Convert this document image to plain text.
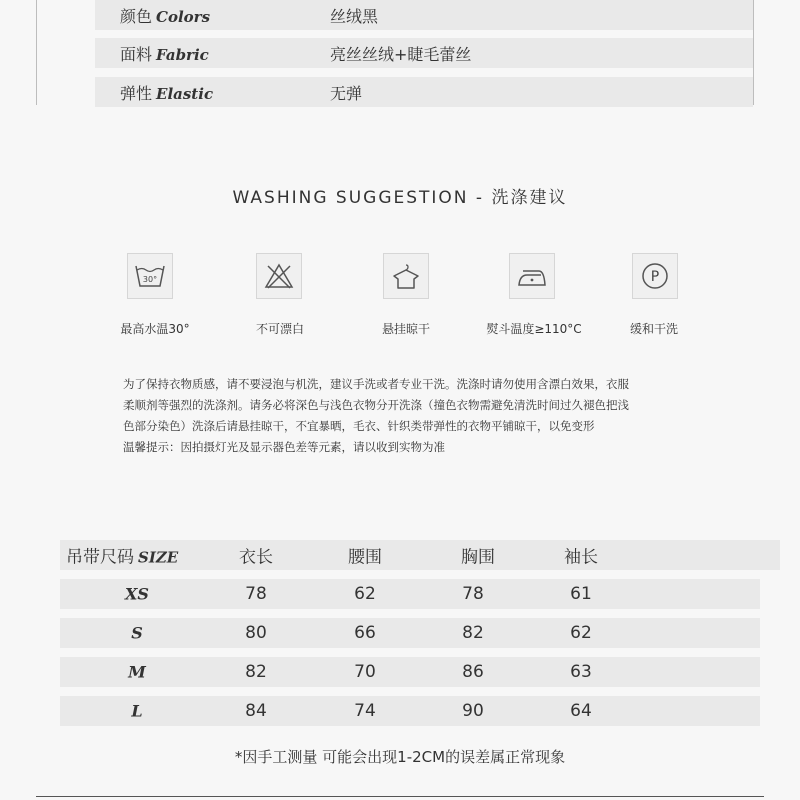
颜色 Colors	丝绒黑
面料 Fabric	亮丝丝绒+睫毛蕾丝
弹性 Elastic	无弹
WASHING SUGGESTION - 洗涤建议
30°	P
最高水温30°	不可漂白	悬挂晾干	熨斗温度≥110°C	缓和干洗
为了保持衣物质感，请不要浸泡与机洗，建议手洗或者专业干洗。洗涤时请勿使用含漂白效果，衣服
柔顺剂等强烈的洗涤剂。请务必将深色与浅色衣物分开洗涤（撞色衣物需避免清洗时间过久褪色把浅
色部分染色）洗涤后请悬挂晾干，不宜暴晒，毛衣、针织类带弹性的衣物平铺晾干，以免变形
温馨提示：因拍摄灯光及显示器色差等元素，请以收到实物为准
吊带尺码 SIZE	衣长	腰围	胸围	袖长
XS	78	62	78	61
S	80	66	82	62
M	82	70	86	63
L	84	74	90	64
*因手工测量 可能会出现1-2CM的误差属正常现象
